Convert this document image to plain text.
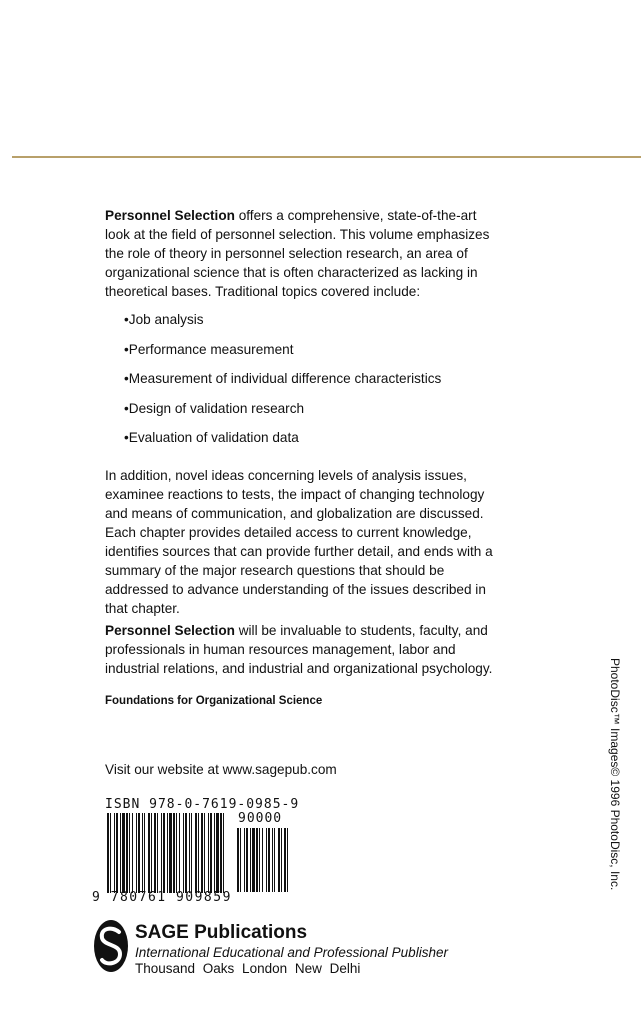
Personnel Selection offers a comprehensive, state-of-the-art look at the field of personnel selection. This volume emphasizes the role of theory in personnel selection research, an area of organizational science that is often characterized as lacking in theoretical bases. Traditional topics covered include:

• Job analysis
• Performance measurement
• Measurement of individual difference characteristics
• Design of validation research
• Evaluation of validation data

In addition, novel ideas concerning levels of analysis issues, examinee reactions to tests, the impact of changing technology and means of communication, and globalization are discussed. Each chapter provides detailed access to current knowledge, identifies sources that can provide further detail, and ends with a summary of the major research questions that should be addressed to advance understanding of the issues described in that chapter.

Personnel Selection will be invaluable to students, faculty, and professionals in human resources management, labor and industrial relations, and industrial and organizational psychology.

Foundations for Organizational Science
Visit our website at www.sagepub.com
ISBN 978-0-7619-0985-9
90000
9 780761 909859
SAGE Publications
International Educational and Professional Publisher
Thousand Oaks London New Delhi
PhotoDisc™ Images© 1996 PhotoDisc, Inc.
